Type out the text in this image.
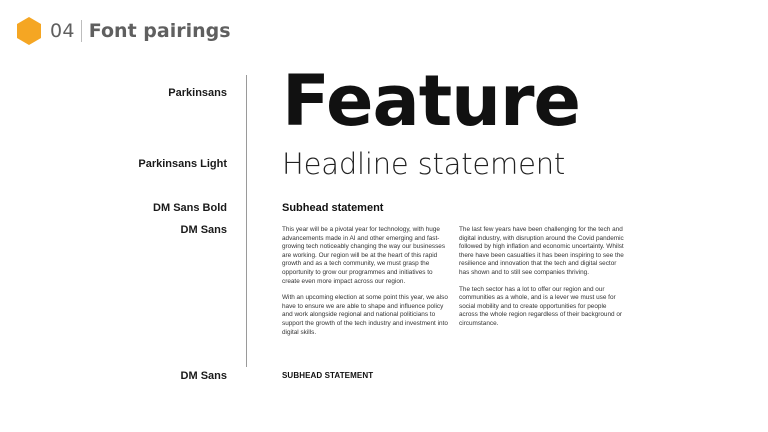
04 Font pairings
Parkinsans
Parkinsans Light
DM Sans Bold
DM Sans
DM Sans
Feature
Headline statement
Subhead statement

This year will be a pivotal year for technology, with huge advancements made in AI and other emerging and fast-growing tech noticeably changing the way our businesses are working. Our region will be at the heart of this rapid growth and as a tech community, we must grasp the opportunity to grow our programmes and initiatives to create even more impact across our region.

With an upcoming election at some point this year, we also have to ensure we are able to shape and influence policy and work alongside regional and national politicians to support the growth of the tech industry and investment into digital skills.

The last few years have been challenging for the tech and digital industry, with disruption around the Covid pandemic followed by high inflation and economic uncertainty. Whilst there have been casualties it has been inspiring to see the resilience and innovation that the tech and digital sector has shown and to still see companies thriving.

The tech sector has a lot to offer our region and our communities as a whole, and is a lever we must use for social mobility and to create opportunities for people across the whole region regardless of their background or circumstance.

SUBHEAD STATEMENT
